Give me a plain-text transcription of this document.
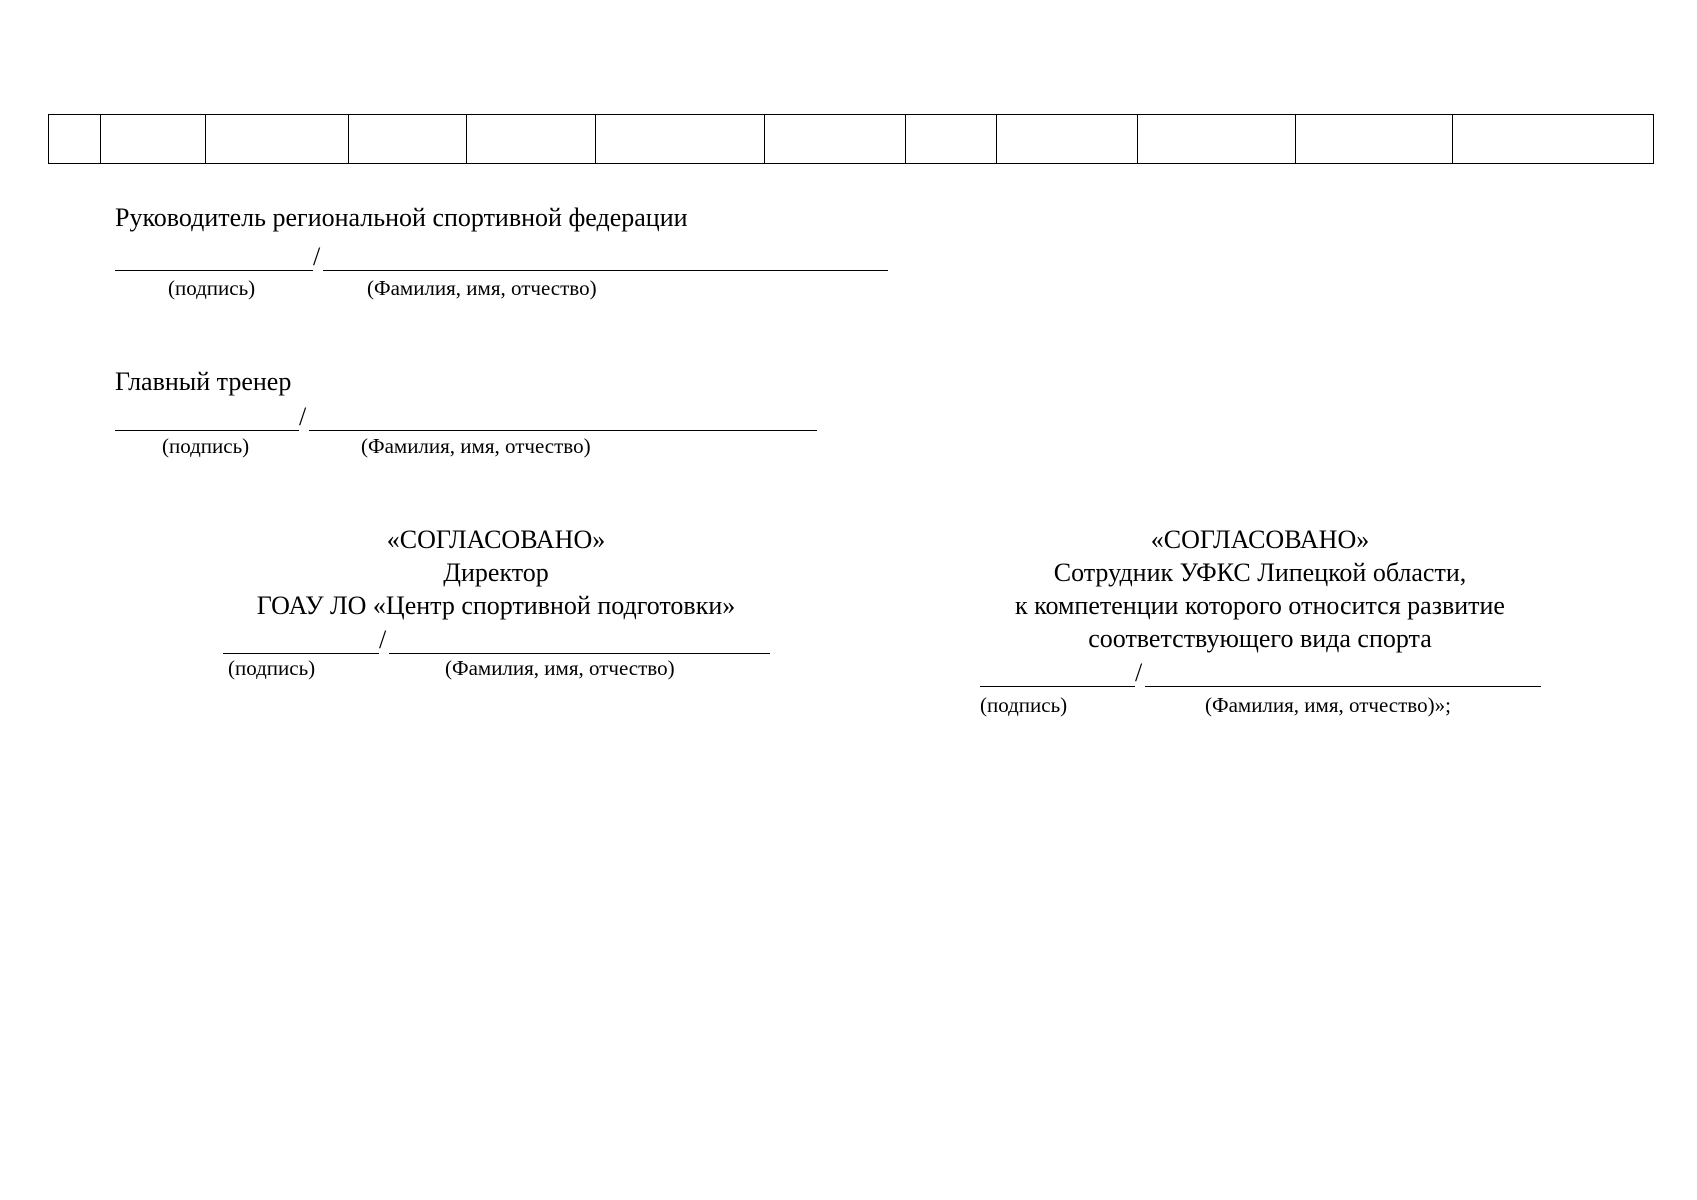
Руководитель региональной спортивной федерации
/
(подпись)	(Фамилия, имя, отчество)
Главный тренер
/
(подпись)	(Фамилия, имя, отчество)
«СОГЛАСОВАНО»
Директор
ГОАУ ЛО «Центр спортивной подготовки»
/
(подпись)	(Фамилия, имя, отчество)
«СОГЛАСОВАНО»
Сотрудник УФКС Липецкой области,
к компетенции которого относится развитие
соответствующего вида спорта
/
(подпись)	(Фамилия, имя, отчество)»;
